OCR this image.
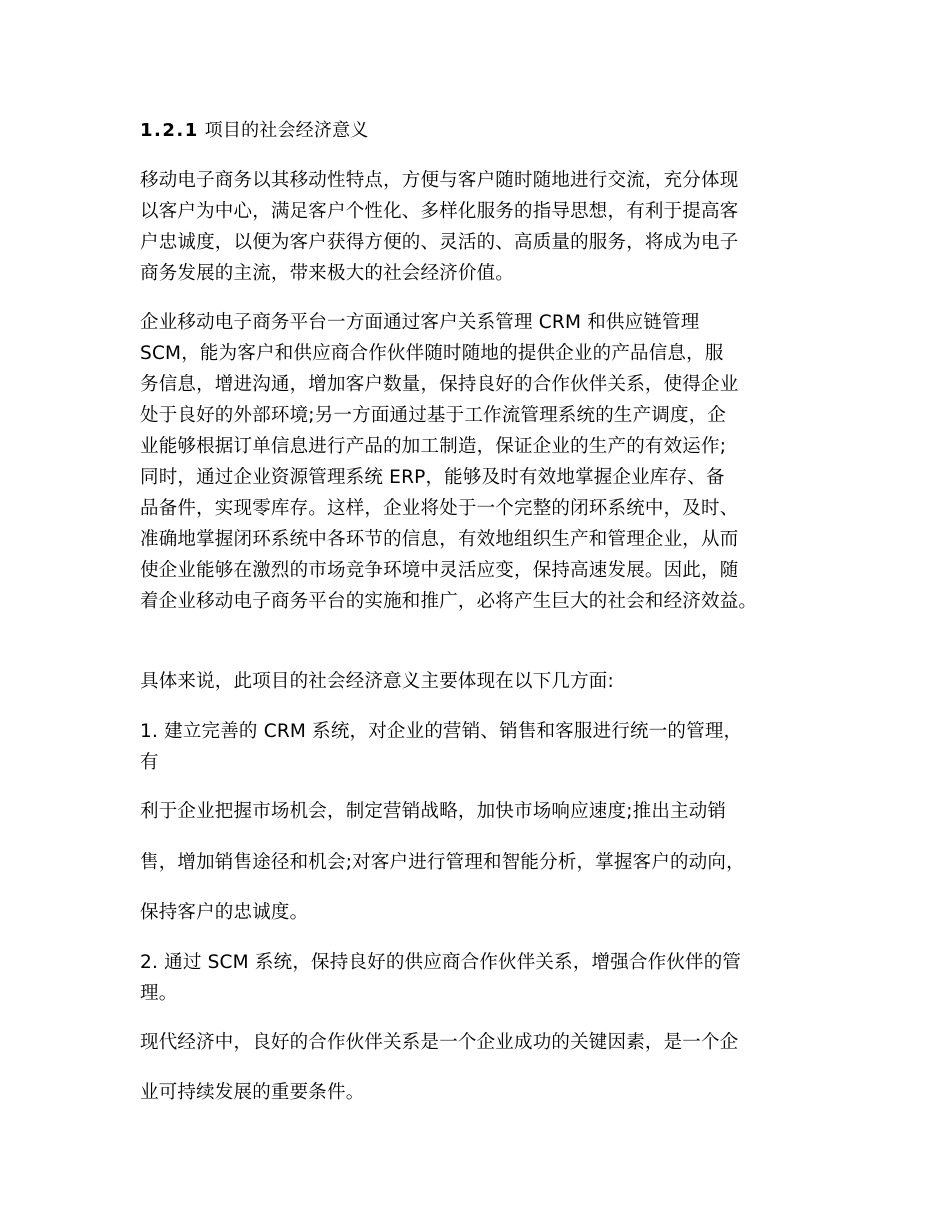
1.2.1 项目的社会经济意义
移动电子商务以其移动性特点，方便与客户随时随地进行交流，充分体现
以客户为中心，满足客户个性化、多样化服务的指导思想，有利于提高客
户忠诚度，以便为客户获得方便的、灵活的、高质量的服务，将成为电子
商务发展的主流，带来极大的社会经济价值。
企业移动电子商务平台一方面通过客户关系管理 CRM 和供应链管理
SCM，能为客户和供应商合作伙伴随时随地的提供企业的产品信息，服
务信息，增进沟通，增加客户数量，保持良好的合作伙伴关系，使得企业
处于良好的外部环境;另一方面通过基于工作流管理系统的生产调度，企
业能够根据订单信息进行产品的加工制造，保证企业的生产的有效运作;
同时，通过企业资源管理系统 ERP，能够及时有效地掌握企业库存、备
品备件，实现零库存。这样，企业将处于一个完整的闭环系统中，及时、
准确地掌握闭环系统中各环节的信息，有效地组织生产和管理企业，从而
使企业能够在激烈的市场竞争环境中灵活应变，保持高速发展。因此，随
着企业移动电子商务平台的实施和推广，必将产生巨大的社会和经济效益。
具体来说，此项目的社会经济意义主要体现在以下几方面:
1. 建立完善的 CRM 系统，对企业的营销、销售和客服进行统一的管理，
有
利于企业把握市场机会，制定营销战略，加快市场响应速度;推出主动销
售，增加销售途径和机会;对客户进行管理和智能分析，掌握客户的动向，
保持客户的忠诚度。
2. 通过 SCM 系统，保持良好的供应商合作伙伴关系，增强合作伙伴的管
理。
现代经济中，良好的合作伙伴关系是一个企业成功的关键因素，是一个企
业可持续发展的重要条件。
